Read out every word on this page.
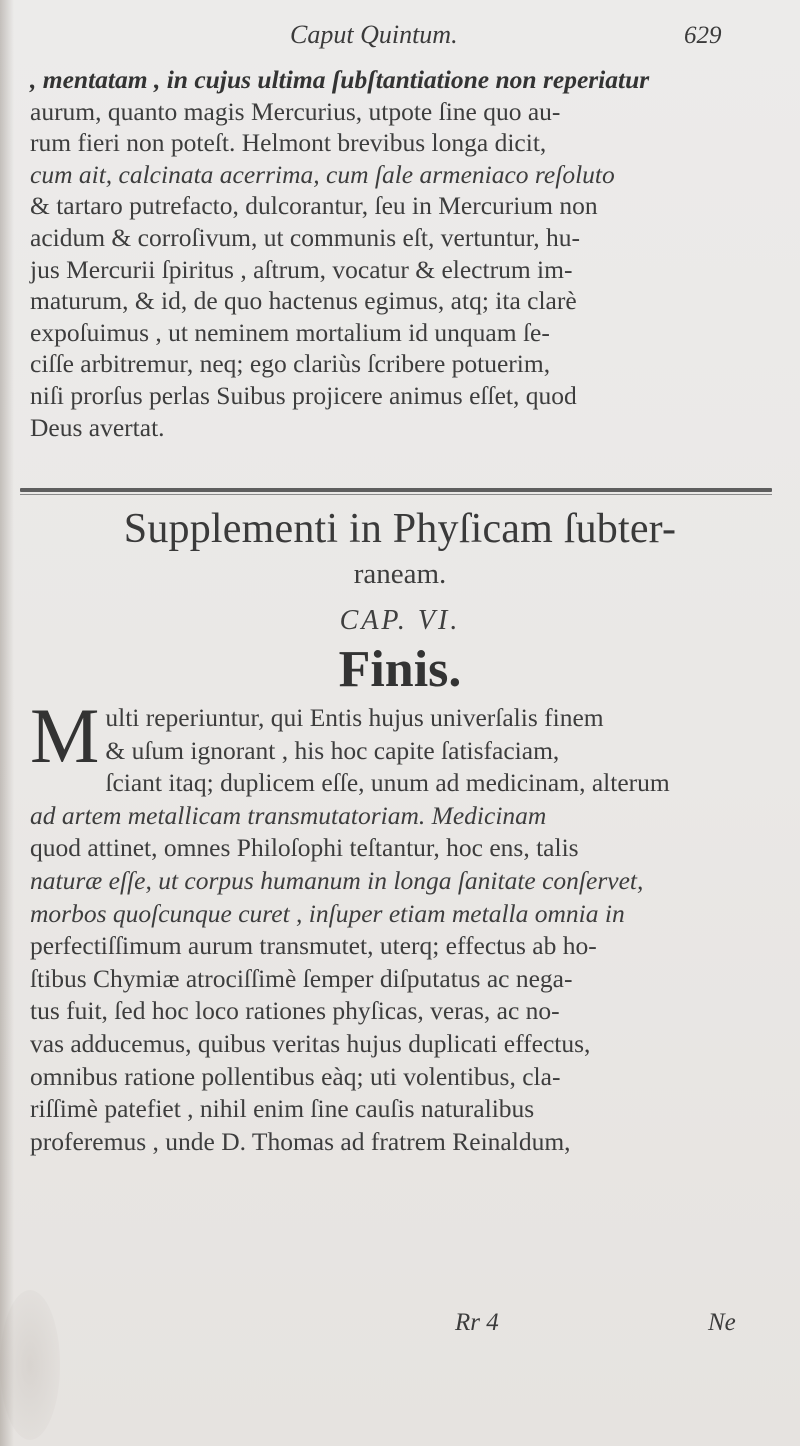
Caput Quintum.	629

, mentatam , in cujus ultima ſubſtantiatione non reperiatur

aurum, quanto magis Mercurius, utpote ſine quo au-

rum fieri non poteſt. Helmont brevibus longa dicit,

cum ait, calcinata acerrima, cum ſale armeniaco reſoluto

& tartaro putrefacto, dulcorantur, ſeu in Mercurium non

acidum & corroſivum, ut communis eſt, vertuntur, hu-

jus Mercurii ſpiritus , aſtrum, vocatur & electrum im-

maturum, & id, de quo hactenus egimus, atq; ita clarè

expoſuimus , ut neminem mortalium id unquam ſe-

ciſſe arbitremur, neq; ego clariùs ſcribere potuerim,

niſi prorſus perlas Suibus projicere animus eſſet, quod

Deus avertat.

Supplementi in Phyſicam ſubter-
raneam.
CAP. VI.
Finis.
M ulti reperiuntur, qui Entis hujus univerſalis finem

& uſum ignorant , his hoc capite ſatisfaciam,

ſciant itaq; duplicem eſſe, unum ad medicinam, alterum

ad artem metallicam transmutatoriam. Medicinam

quod attinet, omnes Philoſophi teſtantur, hoc ens, talis

naturæ eſſe, ut corpus humanum in longa ſanitate conſervet,

morbos quoſcunque curet , inſuper etiam metalla omnia in

perfectiſſimum aurum transmutet, uterq; effectus ab ho-

ſtibus Chymiæ atrociſſimè ſemper diſputatus ac nega-

tus fuit, ſed hoc loco rationes phyſicas, veras, ac no-

vas adducemus, quibus veritas hujus duplicati effectus,

omnibus ratione pollentibus eàq; uti volentibus, cla-

riſſimè patefiet , nihil enim ſine cauſis naturalibus

proferemus , unde D. Thomas ad fratrem Reinaldum,

Rr 4	Ne
